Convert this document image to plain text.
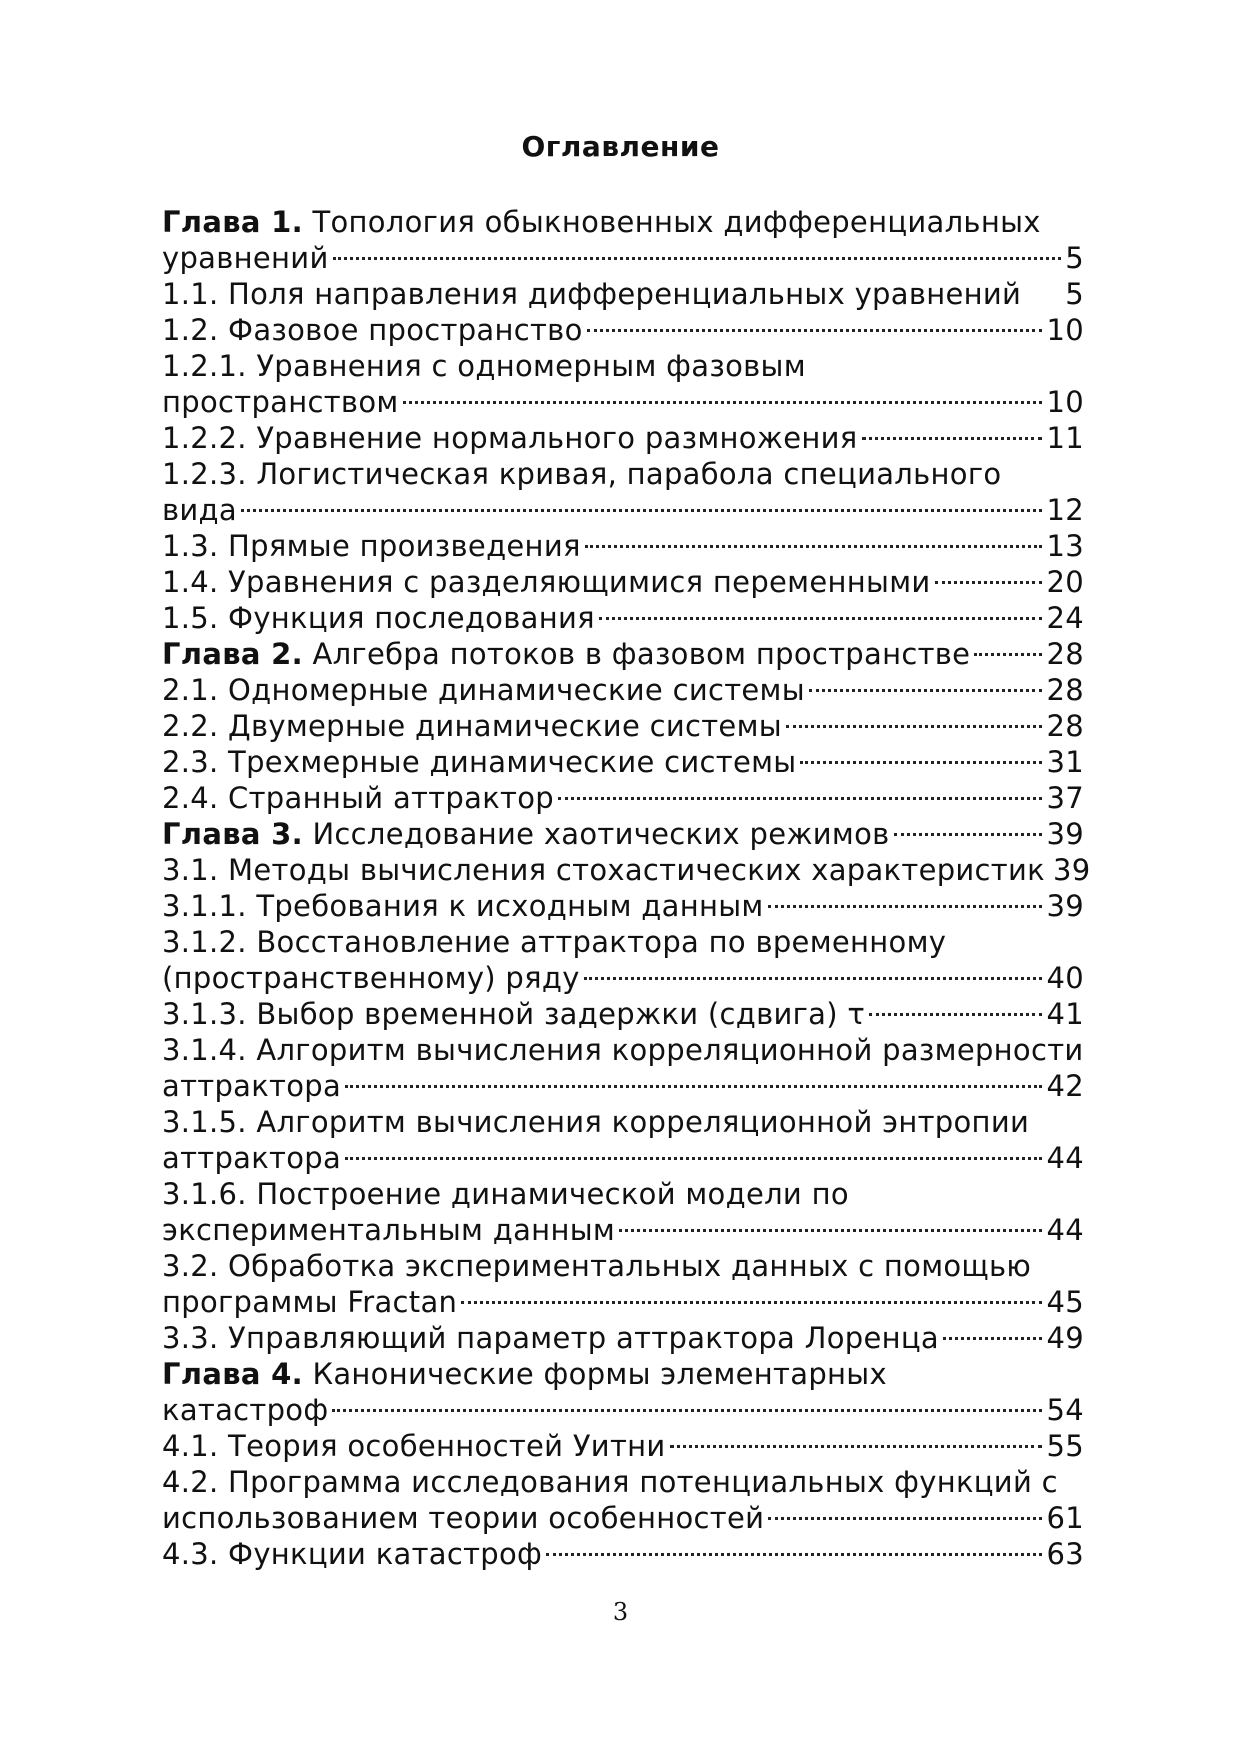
Оглавление
Глава 1. Топология обыкновенных дифференциальных
уравнений	5
1.1. Поля направления дифференциальных уравнений 5
1.2. Фазовое пространство	10
1.2.1. Уравнения с одномерным фазовым
пространством	10
1.2.2. Уравнение нормального размножения	11
1.2.3. Логистическая кривая, парабола специального
вида	12
1.3. Прямые произведения	13
1.4. Уравнения с разделяющимися переменными	20
1.5. Функция последования	24
Глава 2. Алгебра потоков в фазовом пространстве	28
2.1. Одномерные динамические системы	28
2.2. Двумерные динамические системы	28
2.3. Трехмерные динамические системы	31
2.4. Странный аттрактор	37
Глава 3. Исследование хаотических режимов	39
3.1. Методы вычисления стохастических характеристик 39
3.1.1. Требования к исходным данным	39
3.1.2. Восстановление аттрактора по временному
(пространственному) ряду	40
3.1.3. Выбор временной задержки (сдвига) τ	41
3.1.4. Алгоритм вычисления корреляционной размерности
аттрактора	42
3.1.5. Алгоритм вычисления корреляционной энтропии
аттрактора	44
3.1.6. Построение динамической модели по
экспериментальным данным	44
3.2. Обработка экспериментальных данных с помощью
программы Fractan	45
3.3. Управляющий параметр аттрактора Лоренца	49
Глава 4. Канонические формы элементарных
катастроф	54
4.1. Теория особенностей Уитни	55
4.2. Программа исследования потенциальных функций с
использованием теории особенностей	61
4.3. Функции катастроф	63
3
